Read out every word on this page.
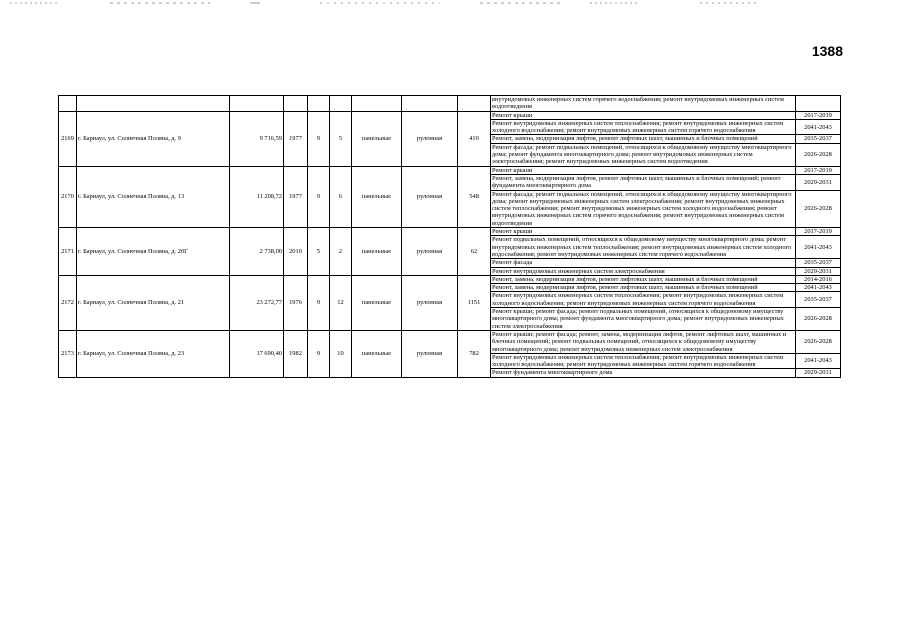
1388
									внутридомовых инженерных систем горячего водоснабжения; ремонт внутридомовых инженерных систем водоотведения	
2169	г. Барнаул, ул. Солнечная Поляна, д. 9	9 716,59	1977	9	5	панельные	рулонная	410	Ремонт крыши	2017-2019
									Ремонт внутридомовых инженерных систем теплоснабжения; ремонт внутридомовых инженерных систем холодного водоснабжения; ремонт внутридомовых инженерных систем горячего водоснабжения	2041-2043
									Ремонт, замена, модернизация лифтов, ремонт лифтовых шахт, машинных и блочных помещений	2035-2037
									Ремонт фасада; ремонт подвальных помещений, относящихся к общедомовому имуществу многоквартирного дома; ремонт фундамента многоквартирного дома; ремонт внутридомовых инженерных систем электроснабжения; ремонт внутридомовых инженерных систем водоотведения	2026-2028
2170	г. Барнаул, ул. Солнечная Поляна, д. 13	11 208,72	1977	9	6	панельные	рулонная	548	Ремонт крыши	2017-2019
									Ремонт, замена, модернизация лифтов, ремонт лифтовых шахт, машинных и блочных помещений; ремонт фундамента многоквартирного дома	2029-2031
									Ремонт фасада; ремонт подвальных помещений, относящихся к общедомовому имуществу многоквартирного дома; ремонт внутридомовых инженерных систем электроснабжения; ремонт внутридомовых инженерных систем теплоснабжения; ремонт внутридомовых инженерных систем холодного водоснабжения; ремонт внутридомовых инженерных систем горячего водоснабжения; ремонт внутридомовых инженерных систем водоотведения	2026-2028
2171	г. Барнаул, ул. Солнечная Поляна, д. 20Г	2 738,00	2010	5	2	панельные	рулонная	62	Ремонт крыши	2017-2019
									Ремонт подвальных помещений, относящихся к общедомовому имуществу многоквартирного дома; ремонт внутридомовых инженерных систем теплоснабжения; ремонт внутридомовых инженерных систем холодного водоснабжения; ремонт внутридомовых инженерных систем горячего водоснабжения	2041-2043
									Ремонт фасада	2035-2037
									Ремонт внутридомовых инженерных систем электроснабжения	2029-2031
2172	г. Барнаул, ул. Солнечная Поляна, д. 21	23 272,77	1976	9	12	панельные	рулонная	1151	Ремонт, замена, модернизация лифтов, ремонт лифтовых шахт, машинных и блочных помещений	2014-2016
									Ремонт, замена, модернизация лифтов, ремонт лифтовых шахт, машинных и блочных помещений	2041-2043
									Ремонт внутридомовых инженерных систем теплоснабжения; ремонт внутридомовых инженерных систем холодного водоснабжения; ремонт внутридомовых инженерных систем горячего водоснабжения	2035-2037
									Ремонт крыши; ремонт фасада; ремонт подвальных помещений, относящихся к общедомовому имуществу многоквартирного дома; ремонт фундамента многоквартирного дома; ремонт внутридомовых инженерных систем электроснабжения	2026-2028
2173	г. Барнаул, ул. Солнечная Поляна, д. 23	17 690,40	1982	9	10	панельные	рулонная	782	Ремонт крыши; ремонт фасада; ремонт, замена, модернизация лифтов, ремонт лифтовых шахт, машинных и блочных помещений; ремонт подвальных помещений, относящихся к общедомовому имуществу многоквартирного дома; ремонт внутридомовых инженерных систем электроснабжения	2026-2028
									Ремонт внутридомовых инженерных систем теплоснабжения; ремонт внутридомовых инженерных систем холодного водоснабжения; ремонт внутридомовых инженерных систем горячего водоснабжения	2041-2043
									Ремонт фундамента многоквартирного дома	2029-2031
